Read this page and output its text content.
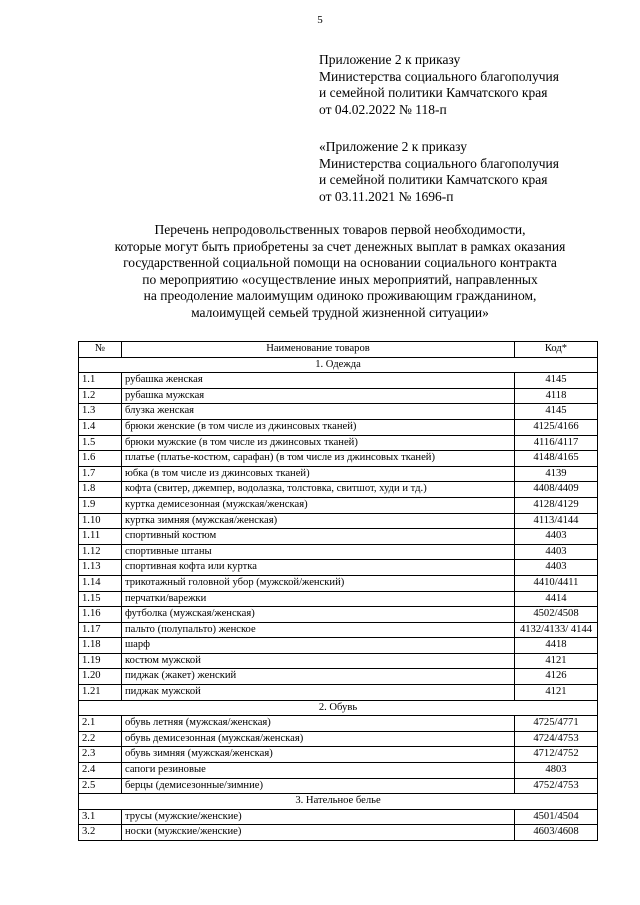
5
Приложение 2 к приказу
Министерства социального благополучия
и семейной политики Камчатского края
от 04.02.2022 № 118-п
«Приложение 2 к приказу
Министерства социального благополучия
и семейной политики Камчатского края
от 03.11.2021 № 1696-п
Перечень непродовольственных товаров первой необходимости,
которые могут быть приобретены за счет денежных выплат в рамках оказания
государственной социальной помощи на основании социального контракта
по мероприятию «осуществление иных мероприятий, направленных
на преодоление малоимущим одиноко проживающим гражданином,
малоимущей семьей трудной жизненной ситуации»
№	Наименование товаров	Код*
1. Одежда		
1.1	рубашка женская	4145
1.2	рубашка мужская	4118
1.3	блузка женская	4145
1.4	брюки женские (в том числе из джинсовых тканей)	4125/4166
1.5	брюки мужские (в том числе из джинсовых тканей)	4116/4117
1.6	платье (платье-костюм, сарафан) (в том числе из джинсовых тканей)	4148/4165
1.7	юбка (в том числе из джинсовых тканей)	4139
1.8	кофта (свитер, джемпер, водолазка, толстовка, свитшот, худи и тд.)	4408/4409
1.9	куртка демисезонная (мужская/женская)	4128/4129
1.10	куртка зимняя (мужская/женская)	4113/4144
1.11	спортивный костюм	4403
1.12	спортивные штаны	4403
1.13	спортивная кофта или куртка	4403
1.14	трикотажный головной убор (мужской/женский)	4410/4411
1.15	перчатки/варежки	4414
1.16	футболка (мужская/женская)	4502/4508
1.17	пальто (полупальто) женское	4132/4133/ 4144
1.18	шарф	4418
1.19	костюм мужской	4121
1.20	пиджак (жакет) женский	4126
1.21	пиджак мужской	4121
2. Обувь		
2.1	обувь летняя (мужская/женская)	4725/4771
2.2	обувь демисезонная (мужская/женская)	4724/4753
2.3	обувь зимняя (мужская/женская)	4712/4752
2.4	сапоги резиновые	4803
2.5	берцы (демисезонные/зимние)	4752/4753
3. Нательное белье		
3.1	трусы (мужские/женские)	4501/4504
3.2	носки (мужские/женские)	4603/4608
